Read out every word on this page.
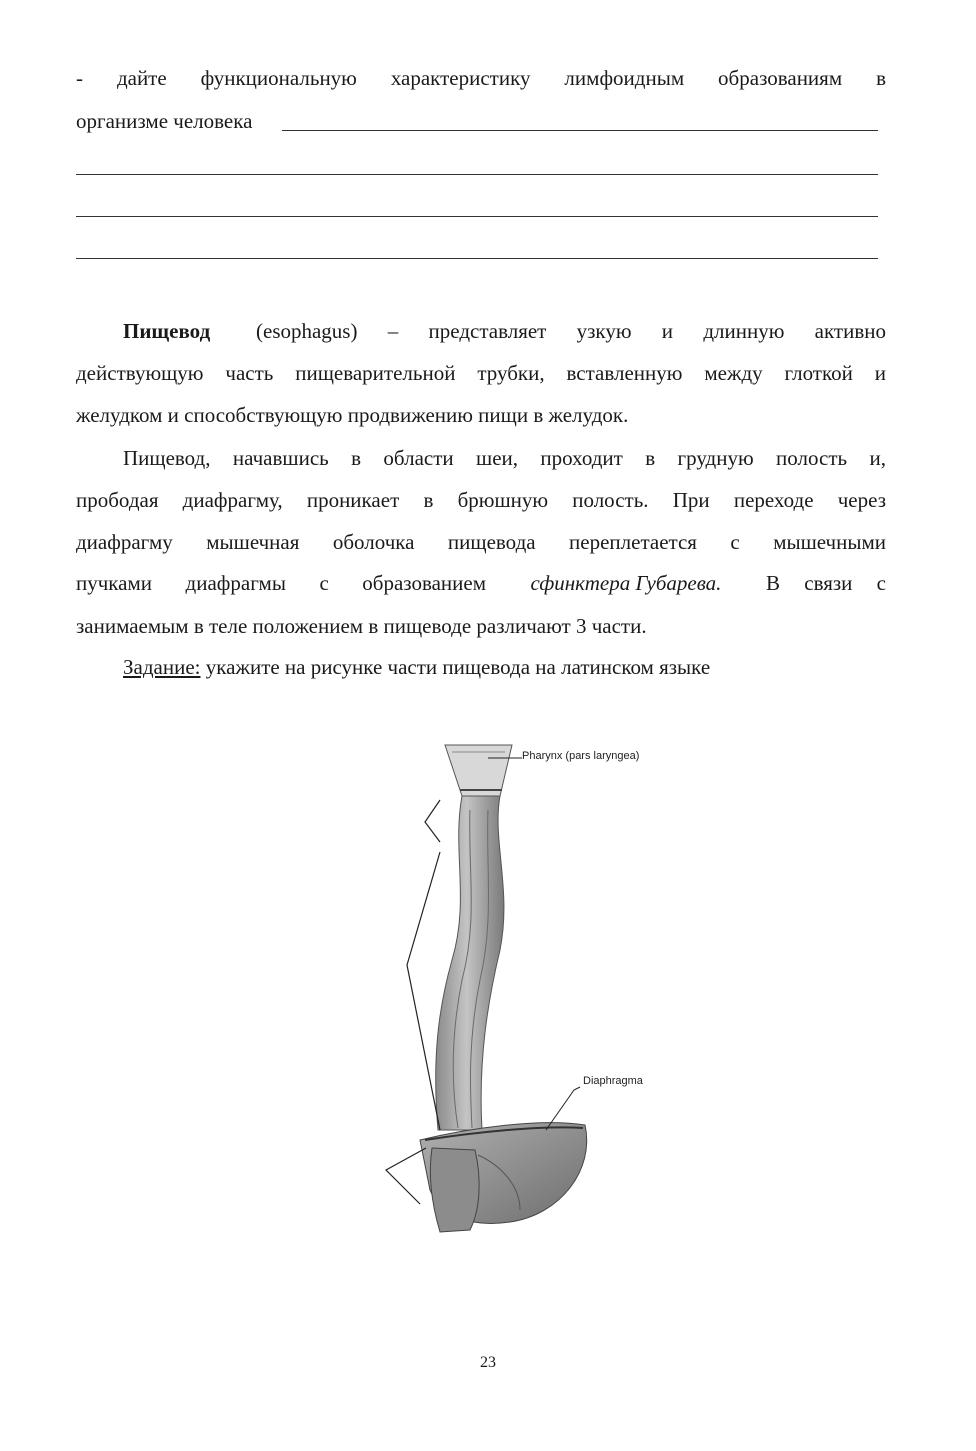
- дайте функциональную характеристику лимфоидным образованиям в
организме человека
Пищевод (esophagus) – представляет узкую и длинную активно
действующую часть пищеварительной трубки, вставленную между глоткой и
желудком и способствующую продвижению пищи в желудок.
Пищевод, начавшись в области шеи, проходит в грудную полость и,
прободая диафрагму, проникает в брюшную полость. При переходе через
диафрагму мышечная оболочка пищевода переплетается с мышечными
пучками диафрагмы с образованием сфинктера Губарева. В связи с
занимаемым в теле положением в пищеводе различают 3 части.
Задание: укажите на рисунке части пищевода на латинском языке
Pharynx (pars laryngea)
Diaphragma
23
